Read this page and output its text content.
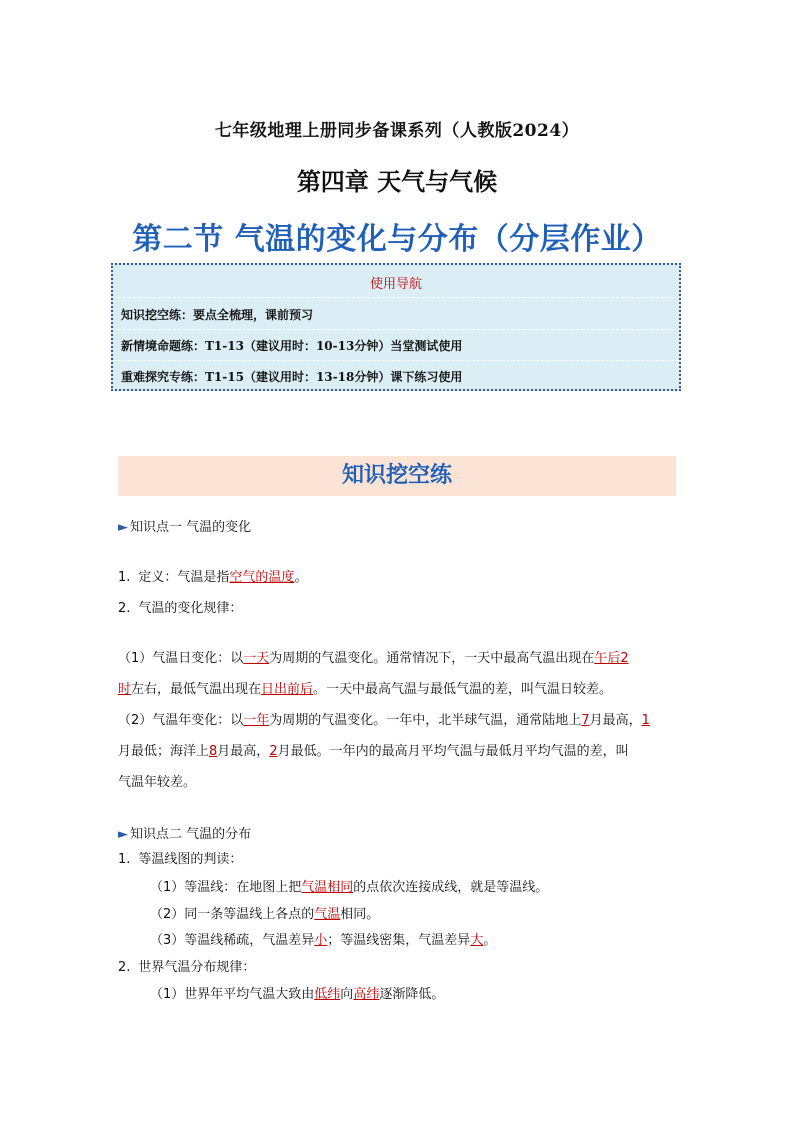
七年级地理上册同步备课系列（人教版2024）
第四章 天气与气候
第二节 气温的变化与分布（分层作业）
使用导航
知识挖空练：要点全梳理，课前预习
新情境命题练：T1-13（建议用时：10-13分钟）当堂测试使用
重难探究专练：T1-15（建议用时：13-18分钟）课下练习使用
知识挖空练
► 知识点一 气温的变化
1. 定义：气温是指空气的温度。
2. 气温的变化规律：
（1）气温日变化：以一天为周期的气温变化。通常情况下，一天中最高气温出现在午后2
时左右，最低气温出现在日出前后。一天中最高气温与最低气温的差，叫气温日较差。
（2）气温年变化：以一年为周期的气温变化。一年中，北半球气温，通常陆地上7月最高，1
月最低；海洋上8月最高，2月最低。一年内的最高月平均气温与最低月平均气温的差，叫
气温年较差。
► 知识点二 气温的分布
1. 等温线图的判读：
（1）等温线：在地图上把气温相同的点依次连接成线，就是等温线。
（2）同一条等温线上各点的气温相同。
（3）等温线稀疏，气温差异小；等温线密集，气温差异大。
2. 世界气温分布规律：
（1）世界年平均气温大致由低纬向高纬逐渐降低。
